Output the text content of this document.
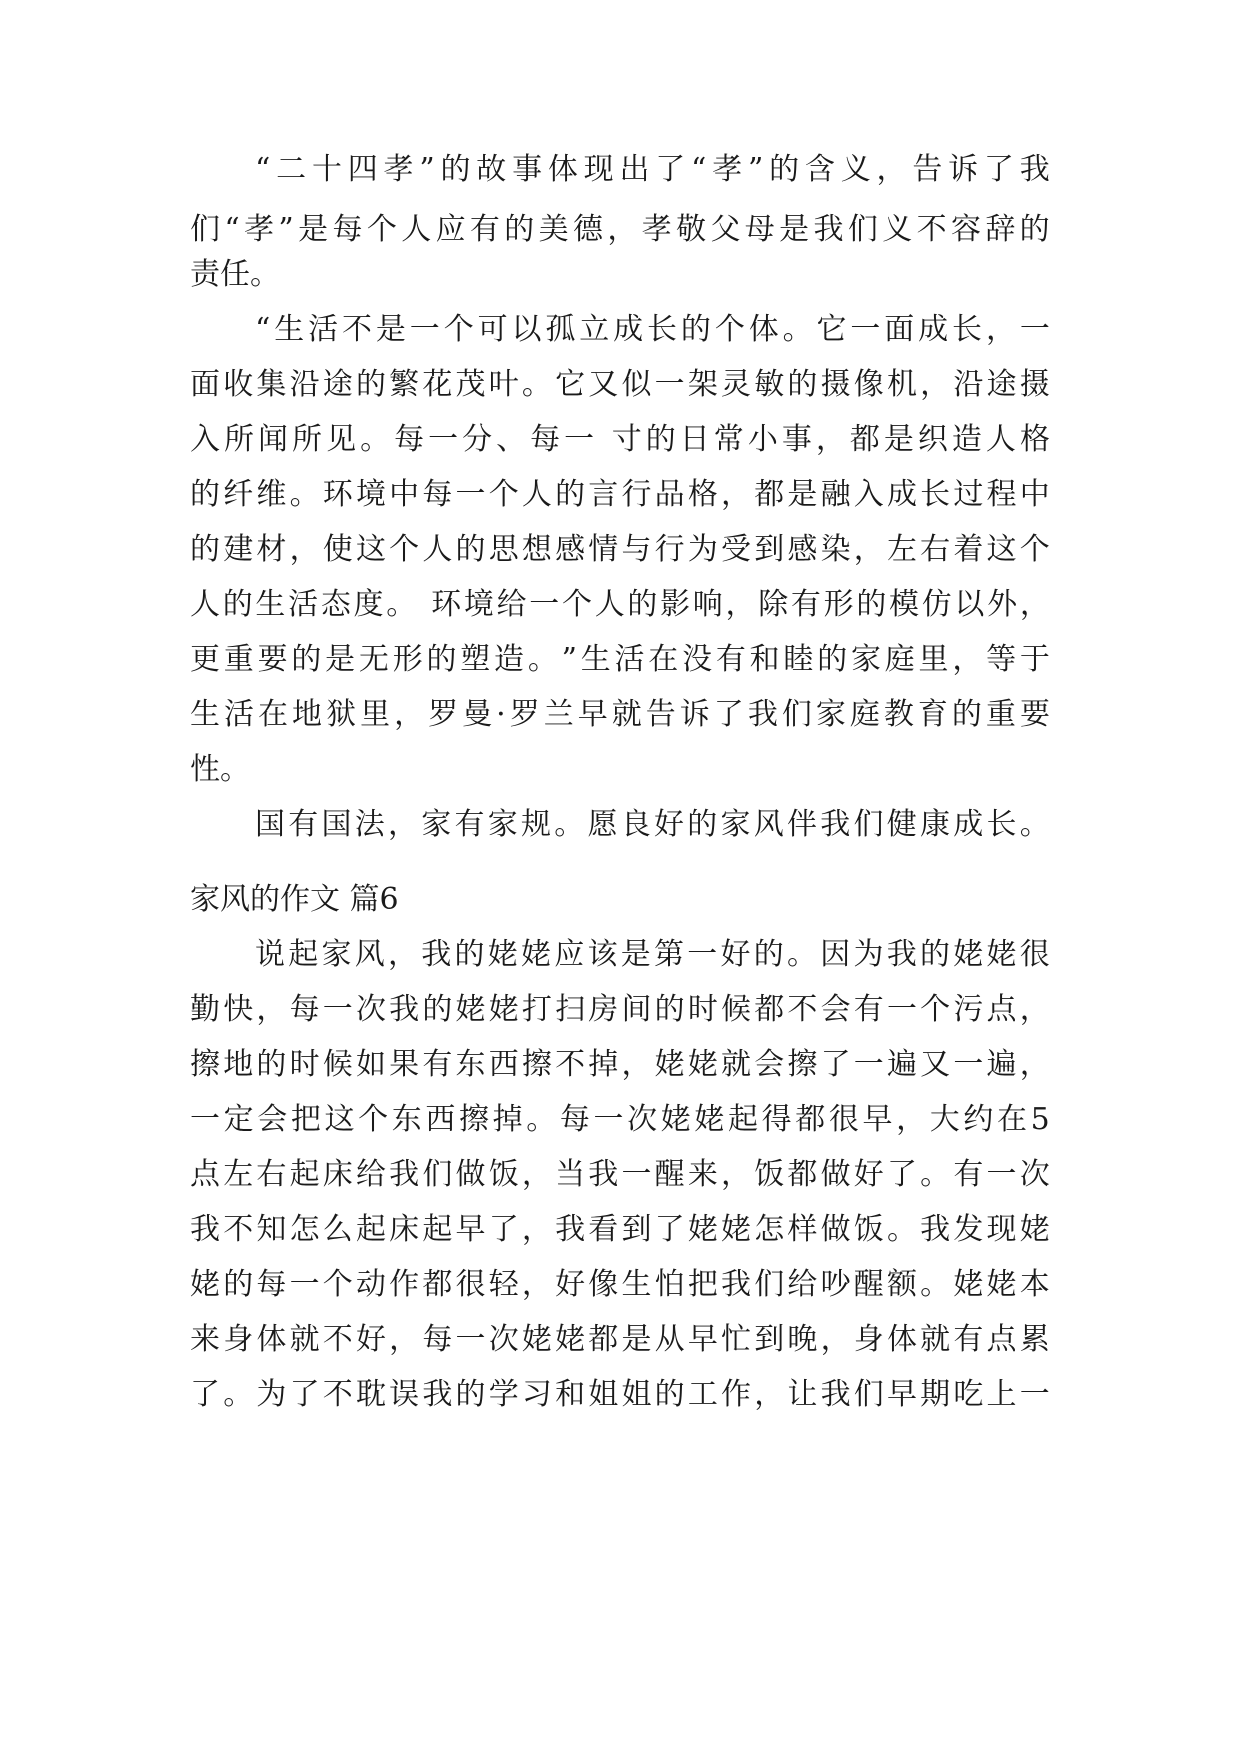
“ 二 十 四 孝 ” 的 故 事 体 现 出 了 “ 孝 ” 的 含 义 ， 告 诉 了 我
们 “ 孝 ” 是 每 个 人 应 有 的 美 德 ， 孝 敬 父 母 是 我 们 义 不 容 辞 的
责任。
“ 生 活 不 是 一 个 可 以 孤 立 成 长 的 个 体 。 它 一 面 成 长 ， 一
面 收 集 沿 途 的 繁 花 茂 叶 。 它 又 似 一 架 灵 敏 的 摄 像 机 ， 沿 途 摄
入 所 闻 所 见 。 每 一 分 、 每 一
寸 的 日 常 小 事 ， 都 是 织 造 人 格
的 纤 维 。 环 境 中 每 一 个 人 的 言 行 品 格 ， 都 是 融 入 成 长 过 程 中
的 建 材 ， 使 这 个 人 的 思 想 感 情 与 行 为 受 到 感 染 ， 左 右 着 这 个
人 的 生 活 态 度 。
环 境 给 一 个 人 的 影 响 ， 除 有 形 的 模 仿 以 外 ，
更 重 要 的 是 无 形 的 塑 造 。 ” 生 活 在 没 有 和 睦 的 家 庭 里 ， 等 于
生 活 在 地 狱 里 ， 罗 曼 · 罗 兰 早 就 告 诉 了 我 们 家 庭 教 育 的 重 要
性。
国 有 国 法 ， 家 有 家 规 。 愿 良 好 的 家 风 伴 我 们 健 康 成 长 。
家风的作文 篇6
说 起 家 风 ， 我 的 姥 姥 应 该 是 第 一 好 的 。 因 为 我 的 姥 姥 很
勤 快 ， 每 一 次 我 的 姥 姥 打 扫 房 间 的 时 候 都 不 会 有 一 个 污 点 ，
擦 地 的 时 候 如 果 有 东 西 擦 不 掉 ， 姥 姥 就 会 擦 了 一 遍 又 一 遍 ，
一 定 会 把 这 个 东 西 擦 掉 。 每 一 次 姥 姥 起 得 都 很 早 ， 大 约 在 5
点 左 右 起 床 给 我 们 做 饭 ， 当 我 一 醒 来 ， 饭 都 做 好 了 。 有 一 次
我 不 知 怎 么 起 床 起 早 了 ， 我 看 到 了 姥 姥 怎 样 做 饭 。 我 发 现 姥
姥 的 每 一 个 动 作 都 很 轻 ， 好 像 生 怕 把 我 们 给 吵 醒 额 。 姥 姥 本
来 身 体 就 不 好 ， 每 一 次 姥 姥 都 是 从 早 忙 到 晚 ， 身 体 就 有 点 累
了 。 为 了 不 耽 误 我 的 学 习 和 姐 姐 的 工 作 ， 让 我 们 早 期 吃 上 一
